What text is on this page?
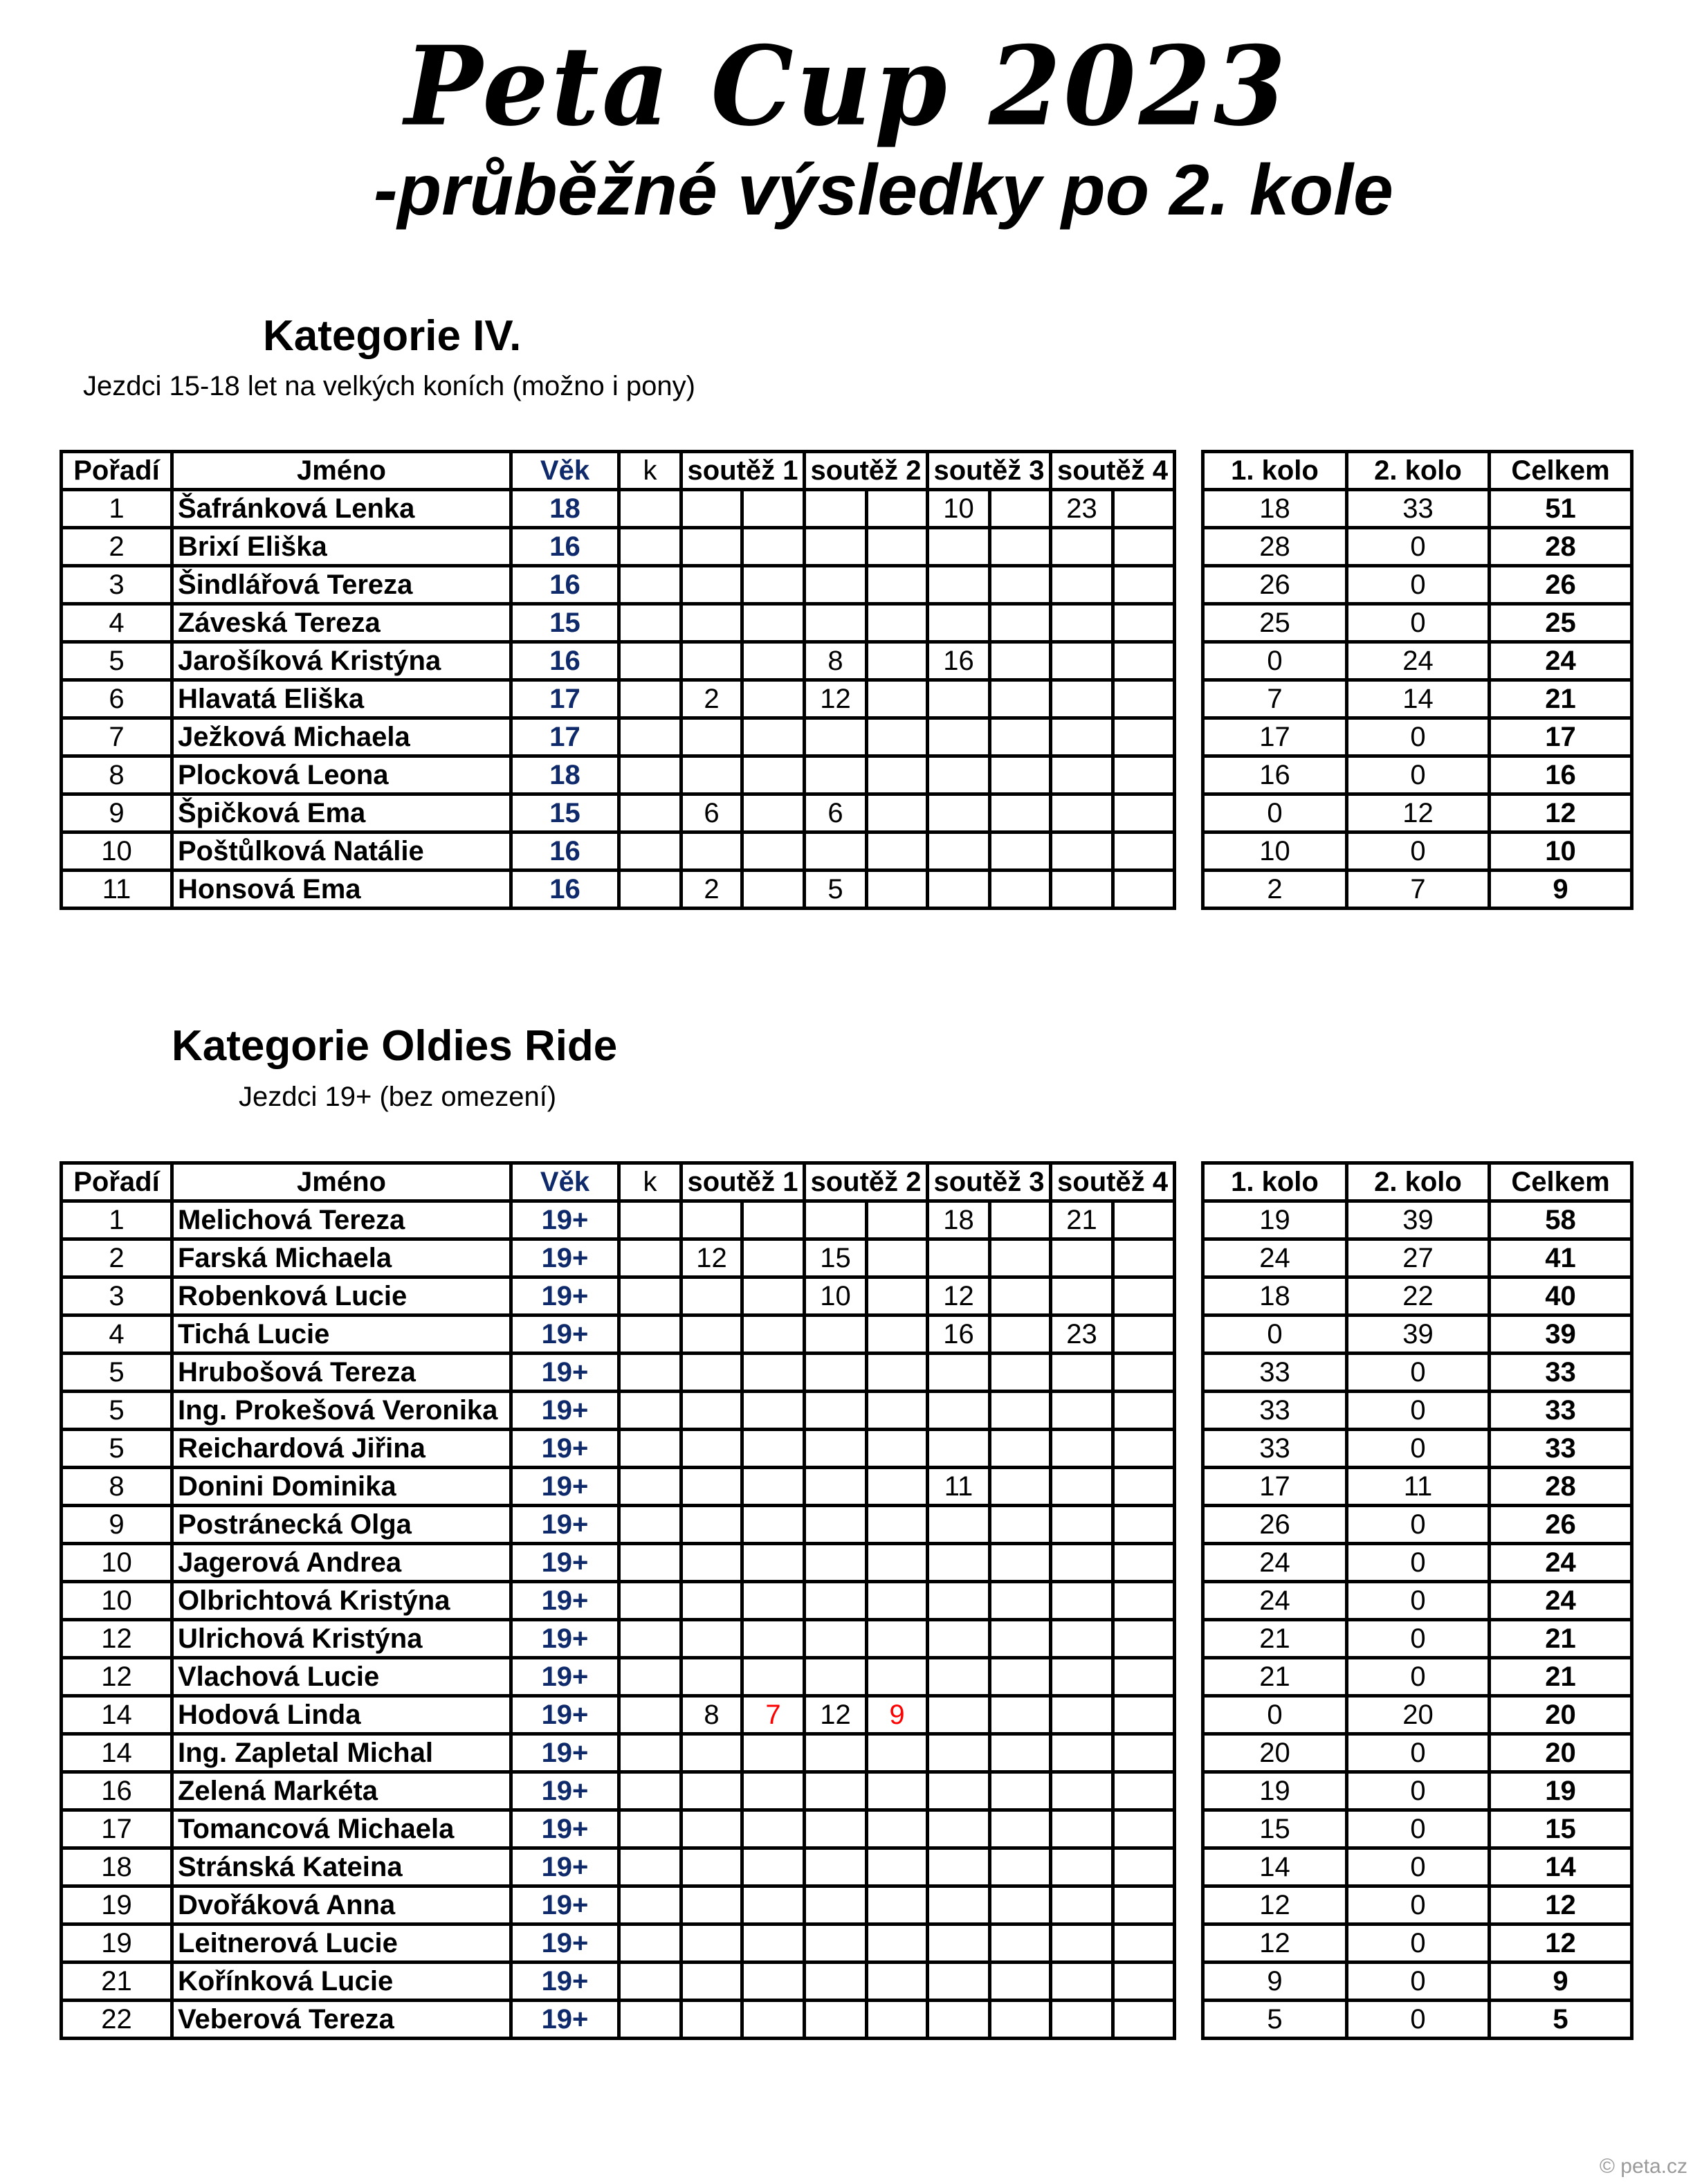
Peta Cup 2023
-průběžné výsledky po 2. kole
Kategorie IV.
Jezdci 15-18 let na velkých koních (možno i pony)
Pořadí	Jméno	Věk	k	soutěž 1		soutěž 2		soutěž 3		soutěž 4	
1	Šafránková Lenka	18						10		23	
2	Brixí Eliška	16									
3	Šindlářová Tereza	16									
4	Záveská Tereza	15									
5	Jarošíková Kristýna	16				8		16			
6	Hlavatá Eliška	17		2		12					
7	Ježková Michaela	17									
8	Plocková Leona	18									
9	Špičková Ema	15		6		6					
10	Poštůlková Natálie	16									
11	Honsová Ema	16		2		5					
1. kolo	2. kolo	Celkem
18	33	51
28	0	28
26	0	26
25	0	25
0	24	24
7	14	21
17	0	17
16	0	16
0	12	12
10	0	10
2	7	9
Kategorie Oldies Ride
Jezdci 19+ (bez omezení)
Pořadí	Jméno	Věk	k	soutěž 1		soutěž 2		soutěž 3		soutěž 4	
1	Melichová Tereza	19+						18		21	
2	Farská Michaela	19+		12		15					
3	Robenková Lucie	19+				10		12			
4	Tichá Lucie	19+						16		23	
5	Hrubošová Tereza	19+									
5	Ing. Prokešová Veronika	19+									
5	Reichardová Jiřina	19+									
8	Donini Dominika	19+						11			
9	Postránecká Olga	19+									
10	Jagerová Andrea	19+									
10	Olbrichtová Kristýna	19+									
12	Ulrichová Kristýna	19+									
12	Vlachová Lucie	19+									
14	Hodová Linda	19+		8	7	12	9				
14	Ing. Zapletal Michal	19+									
16	Zelená Markéta	19+									
17	Tomancová Michaela	19+									
18	Stránská Kateina	19+									
19	Dvořáková Anna	19+									
19	Leitnerová Lucie	19+									
21	Kořínková Lucie	19+									
22	Veberová Tereza	19+									
1. kolo	2. kolo	Celkem
19	39	58
24	27	41
18	22	40
0	39	39
33	0	33
33	0	33
33	0	33
17	11	28
26	0	26
24	0	24
24	0	24
21	0	21
21	0	21
0	20	20
20	0	20
19	0	19
15	0	15
14	0	14
12	0	12
12	0	12
9	0	9
5	0	5
© peta.cz
